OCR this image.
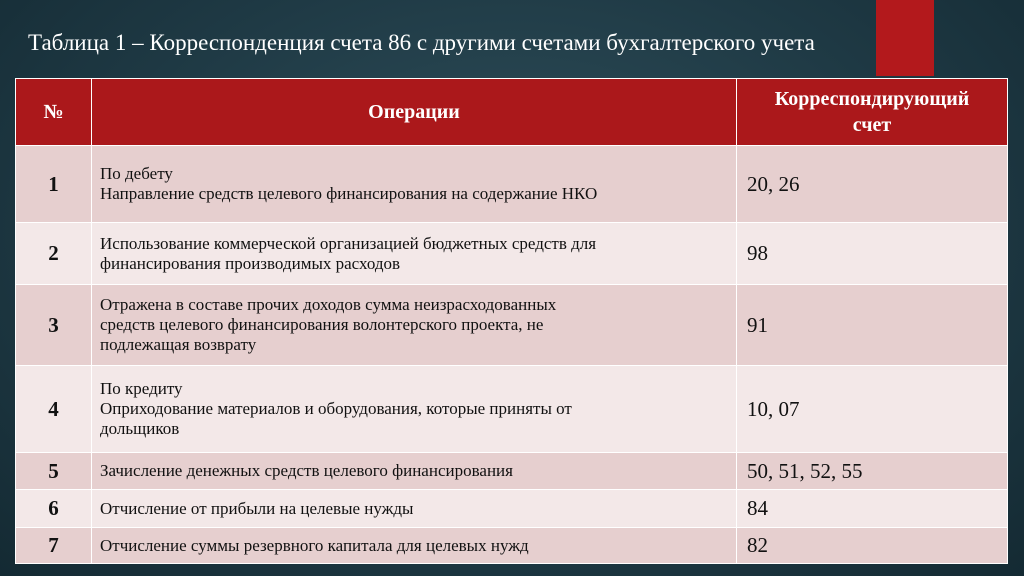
Таблица 1 – Корреспонденция счета 86 с другими счетами бухгалтерского учета
№	Операции	Корреспондирующий
счет

1	По дебету
Направление средств целевого финансирования на содержание НКО	20, 26
2	Использование коммерческой организацией бюджетных средств для
финансирования производимых расходов	98
3	Отражена в составе прочих доходов сумма неизрасходованных
средств целевого финансирования волонтерского проекта, не
подлежащая возврату	91
4	По кредиту
Оприходование материалов и оборудования, которые приняты от
дольщиков	10, 07
5	Зачисление денежных средств целевого финансирования	50, 51, 52, 55
6	Отчисление от прибыли на целевые нужды	84
7	Отчисление суммы резервного капитала для целевых нужд	82
